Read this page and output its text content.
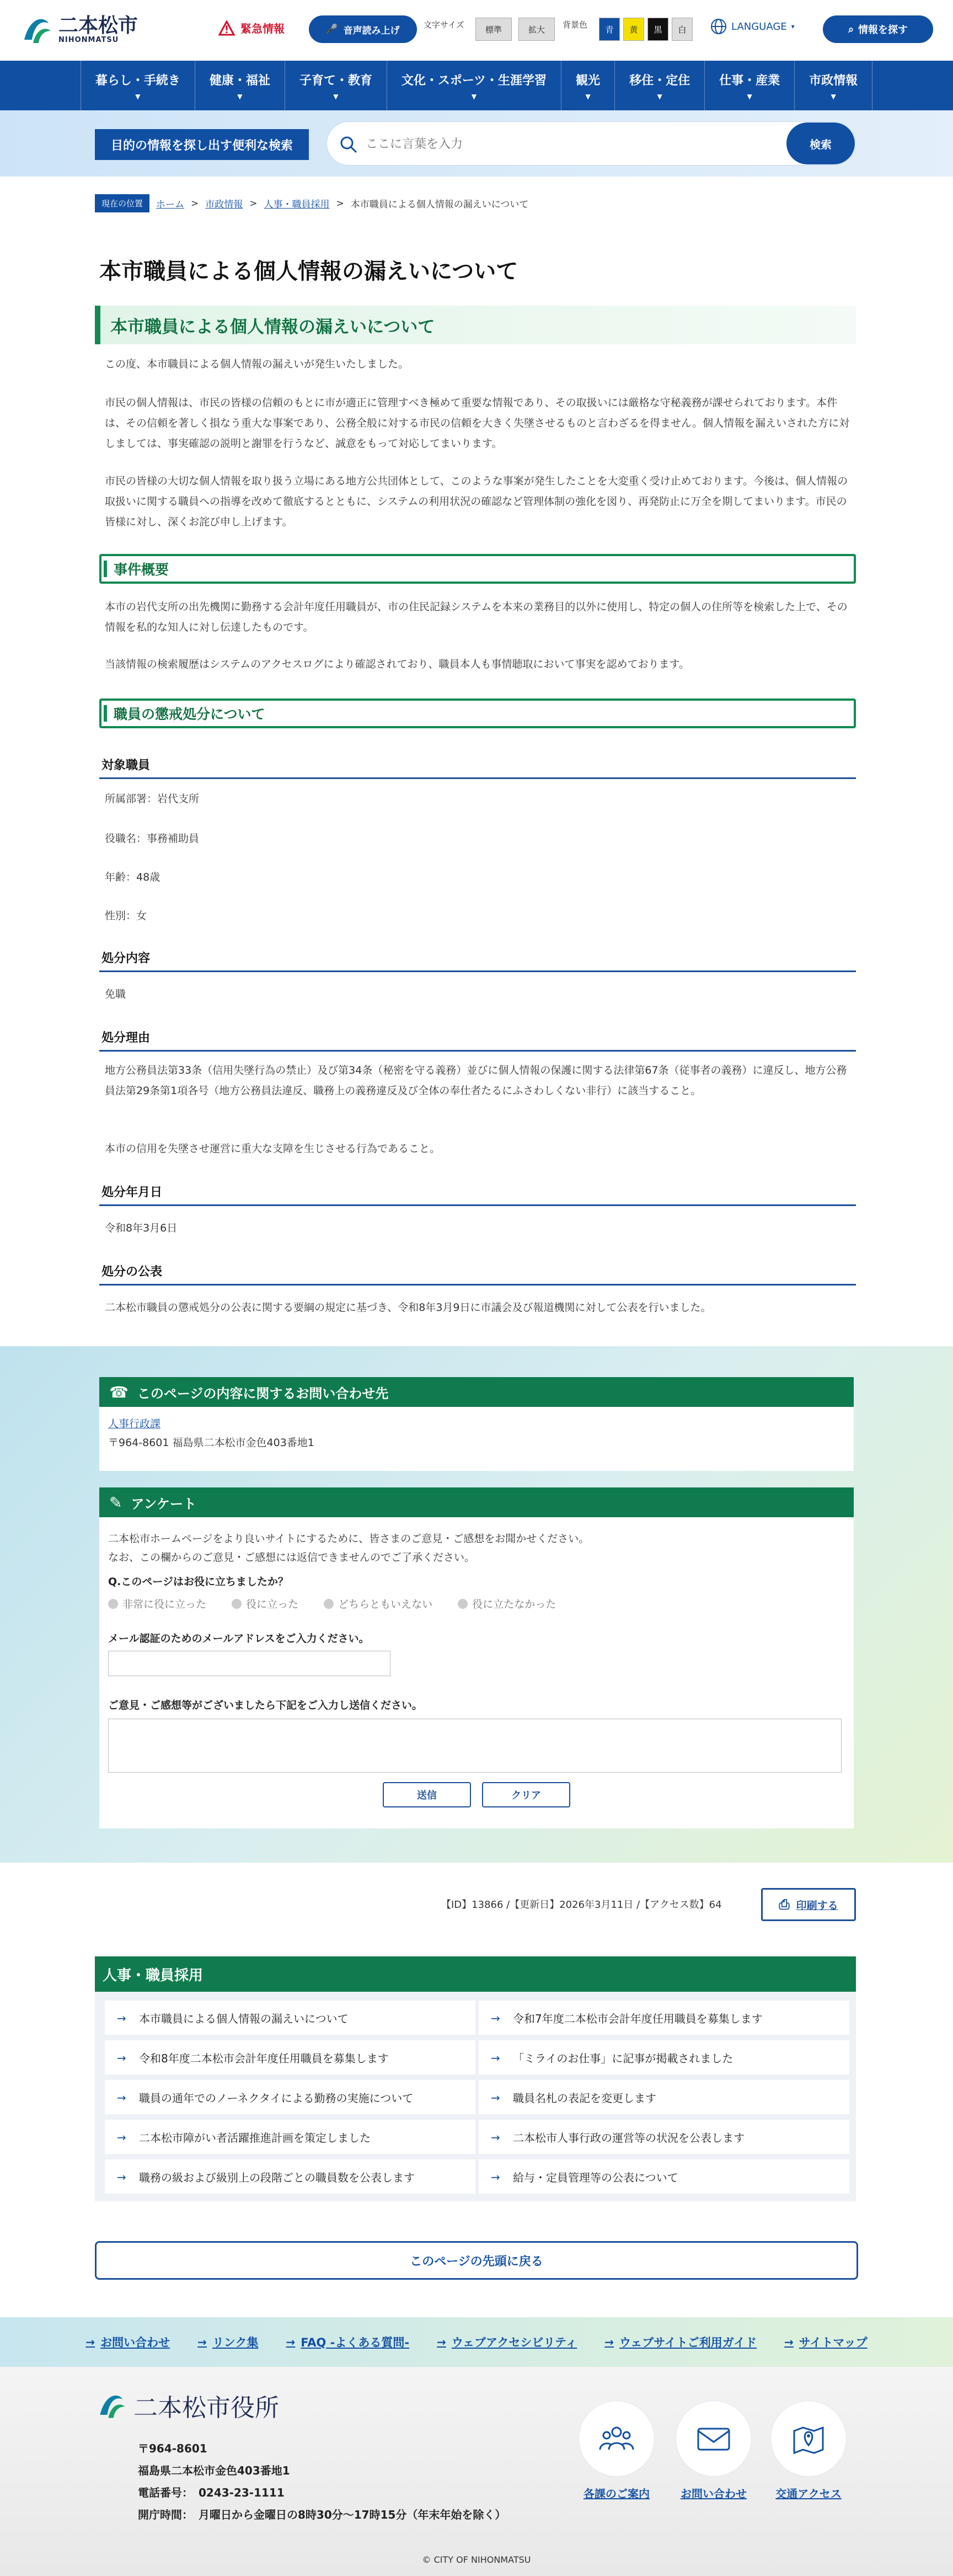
二本松市
NIHONMATSU
緊急情報	🎤 音声読み上げ
文字サイズ	標準	拡大	背景色	青	黄	黒	白	LANGUAGE ▾	⌕ 情報を探す
暮らし・手続き
▼
健康・福祉
▼
子育て・教育
▼
文化・スポーツ・生涯学習
▼
観光
▼
移住・定住
▼
仕事・産業
▼
市政情報
▼
目的の情報を探し出す便利な検索
ここに言葉を入力	検索
現在の位置	ホーム > 市政情報 > 人事・職員採用 > 本市職員による個人情報の漏えいについて
本市職員による個人情報の漏えいについて
本市職員による個人情報の漏えいについて

この度、本市職員による個人情報の漏えいが発生いたしました。

市民の個人情報は、市民の皆様の信頼のもとに市が適正に管理すべき極めて重要な情報であり、その取扱いには厳格な守秘義務が課せられております。本件は、その信頼を著しく損なう重大な事案であり、公務全般に対する市民の信頼を大きく失墜させるものと言わざるを得ません。個人情報を漏えいされた方に対しましては、事実確認の説明と謝罪を行うなど、誠意をもって対応してまいります。

市民の皆様の大切な個人情報を取り扱う立場にある地方公共団体として、このような事案が発生したことを大変重く受け止めております。今後は、個人情報の取扱いに関する職員への指導を改めて徹底するとともに、システムの利用状況の確認など管理体制の強化を図り、再発防止に万全を期してまいります。市民の皆様に対し、深くお詫び申し上げます。

事件概要

本市の岩代支所の出先機関に勤務する会計年度任用職員が、市の住民記録システムを本来の業務目的以外に使用し、特定の個人の住所等を検索した上で、その情報を私的な知人に対し伝達したものです。

当該情報の検索履歴はシステムのアクセスログにより確認されており、職員本人も事情聴取において事実を認めております。

職員の懲戒処分について
対象職員

所属部署：岩代支所

役職名：事務補助員

年齢：48歳

性別：女

処分内容

免職

処分理由

地方公務員法第33条（信用失墜行為の禁止）及び第34条（秘密を守る義務）並びに個人情報の保護に関する法律第67条（従事者の義務）に違反し、地方公務員法第29条第1項各号（地方公務員法違反、職務上の義務違反及び全体の奉仕者たるにふさわしくない非行）に該当すること。

本市の信用を失墜させ運営に重大な支障を生じさせる行為であること。

処分年月日

令和8年3月6日

処分の公表

二本松市職員の懲戒処分の公表に関する要綱の規定に基づき、令和8年3月9日に市議会及び報道機関に対して公表を行いました。

☎ このページの内容に関するお問い合わせ先
人事行政課
〒964-8601 福島県二本松市金色403番地1
✎ アンケート
二本松市ホームページをより良いサイトにするために、皆さまのご意見・ご感想をお聞かせください。
なお、この欄からのご意見・ご感想には返信できませんのでご了承ください。
Q.このページはお役に立ちましたか？
非常に役に立った
	役に立った
	どちらともいえない
	役に立たなかった
メール認証のためのメールアドレスをご入力ください。
ご意見・ご感想等がございましたら下記をご入力し送信ください。
送信	クリア
【ID】13866 /【更新日】2026年3月11日 /【アクセス数】64	⎙ 印刷する
人事・職員採用
→ 本市職員による個人情報の漏えいについて	→ 令和7年度二本松市会計年度任用職員を募集します
→ 令和8年度二本松市会計年度任用職員を募集します	→ 「ミライのお仕事」に記事が掲載されました
→ 職員の通年でのノーネクタイによる勤務の実施について	→ 職員名札の表記を変更します
→ 二本松市障がい者活躍推進計画を策定しました	→ 二本松市人事行政の運営等の状況を公表します
→ 職務の級および級別上の段階ごとの職員数を公表します	→ 給与・定員管理等の公表について
このページの先頭に戻る
→ お問い合わせ	→ リンク集	→ FAQ -よくある質問-	→ ウェブアクセシビリティ	→ ウェブサイトご利用ガイド	→ サイトマップ
二本松市役所
〒964-8601
福島県二本松市金色403番地1
電話番号：　0243-23-1111
開庁時間：　月曜日から金曜日の8時30分～17時15分（年末年始を除く）
各課のご案内	お問い合わせ	交通アクセス
© CITY OF NIHONMATSU
